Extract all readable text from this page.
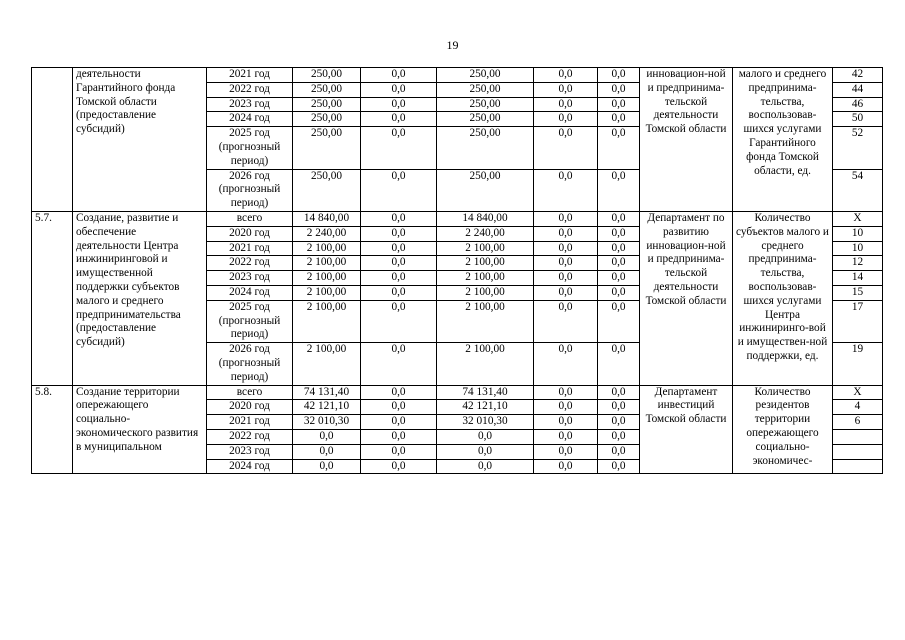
19
	деятельности Гарантийного фонда Томской области (предоставление субсидий)	2021 год	250,00	0,0	250,00	0,0	0,0	инновацион-ной и предпринима-тельской деятельности Томской области	малого и среднего предпринима-тельства, воспользовав-шихся услугами Гарантийного фонда Томской области, ед.	42
		2022 год	250,00	0,0	250,00	0,0	0,0			44
		2023 год	250,00	0,0	250,00	0,0	0,0			46
		2024 год	250,00	0,0	250,00	0,0	0,0			50
		2025 год (прогнозный период)	250,00	0,0	250,00	0,0	0,0			52
		2026 год (прогнозный период)	250,00	0,0	250,00	0,0	0,0			54
5.7.	Создание, развитие и обеспечение деятельности Центра инжиниринговой и имущественной поддержки субъектов малого и среднего предпринимательства (предоставление субсидий)	всего	14 840,00	0,0	14 840,00	0,0	0,0	Департамент по развитию инновацион-ной и предпринима-тельской деятельности Томской области	Количество субъектов малого и среднего предпринима-тельства, воспользовав-шихся услугами Центра инжиниринго-вой и имуществен-ной поддержки, ед.	X
		2020 год	2 240,00	0,0	2 240,00	0,0	0,0			10
		2021 год	2 100,00	0,0	2 100,00	0,0	0,0			10
		2022 год	2 100,00	0,0	2 100,00	0,0	0,0			12
		2023 год	2 100,00	0,0	2 100,00	0,0	0,0			14
		2024 год	2 100,00	0,0	2 100,00	0,0	0,0			15
		2025 год (прогнозный период)	2 100,00	0,0	2 100,00	0,0	0,0			17
		2026 год (прогнозный период)	2 100,00	0,0	2 100,00	0,0	0,0			19
5.8.	Создание территории опережающего социально-экономического развития в муниципальном	всего	74 131,40	0,0	74 131,40	0,0	0,0	Департамент инвестиций Томской области	Количество резидентов территории опережающего социально-экономичес-	X
		2020 год	42 121,10	0,0	42 121,10	0,0	0,0			4
		2021 год	32 010,30	0,0	32 010,30	0,0	0,0			6
		2022 год	0,0	0,0	0,0	0,0	0,0			
		2023 год	0,0	0,0	0,0	0,0	0,0			
		2024 год	0,0	0,0	0,0	0,0	0,0			
